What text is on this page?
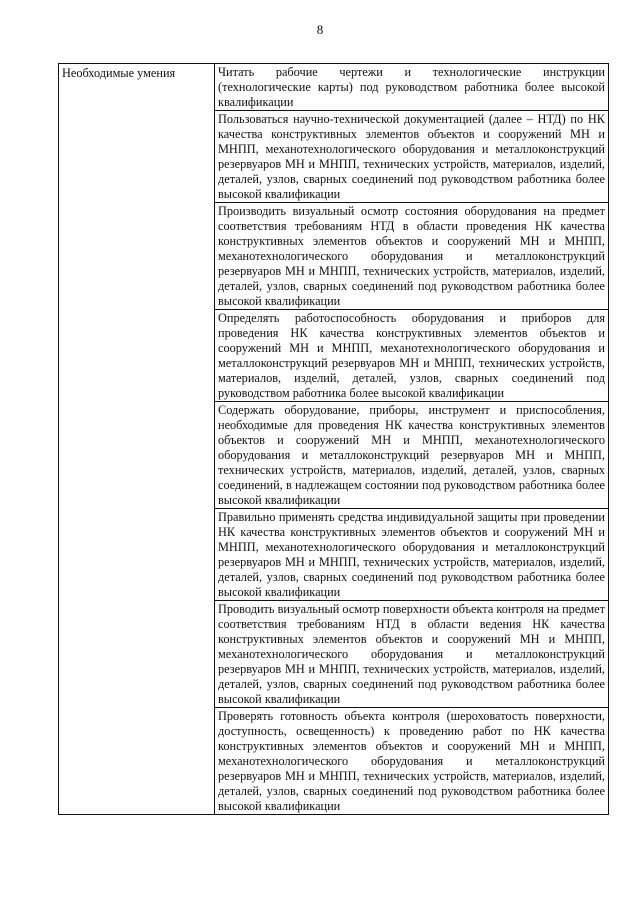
8
Необходимые умения	Читать рабочие чертежи и технологические инструкции (технологические карты) под руководством работника более высокой квалификации
Пользоваться научно-технической документацией (далее – НТД) по НК качества конструктивных элементов объектов и сооружений МН и МНПП, механотехнологического оборудования и металлоконструкций резервуаров МН и МНПП, технических устройств, материалов, изделий, деталей, узлов, сварных соединений под руководством работника более высокой квалификации
Производить визуальный осмотр состояния оборудования на предмет соответствия требованиям НТД в области проведения НК качества конструктивных элементов объектов и сооружений МН и МНПП, механотехнологического оборудования и металлоконструкций резервуаров МН и МНПП, технических устройств, материалов, изделий, деталей, узлов, сварных соединений под руководством работника более высокой квалификации
Определять работоспособность оборудования и приборов для проведения НК качества конструктивных элементов объектов и сооружений МН и МНПП, механотехнологического оборудования и металлоконструкций резервуаров МН и МНПП, технических устройств, материалов, изделий, деталей, узлов, сварных соединений под руководством работника более высокой квалификации
Содержать оборудование, приборы, инструмент и приспособления, необходимые для проведения НК качества конструктивных элементов объектов и сооружений МН и МНПП, механотехнологического оборудования и металлоконструкций резервуаров МН и МНПП, технических устройств, материалов, изделий, деталей, узлов, сварных соединений, в надлежащем состоянии под руководством работника более высокой квалификации
Правильно применять средства индивидуальной защиты при проведении НК качества конструктивных элементов объектов и сооружений МН и МНПП, механотехнологического оборудования и металлоконструкций резервуаров МН и МНПП, технических устройств, материалов, изделий, деталей, узлов, сварных соединений под руководством работника более высокой квалификации
Проводить визуальный осмотр поверхности объекта контроля на предмет соответствия требованиям НТД в области ведения НК качества конструктивных элементов объектов и сооружений МН и МНПП, механотехнологического оборудования и металлоконструкций резервуаров МН и МНПП, технических устройств, материалов, изделий, деталей, узлов, сварных соединений под руководством работника более высокой квалификации
Проверять готовность объекта контроля (шероховатость поверхности, доступность, освещенность) к проведению работ по НК качества конструктивных элементов объектов и сооружений МН и МНПП, механотехнологического оборудования и металлоконструкций резервуаров МН и МНПП, технических устройств, материалов, изделий, деталей, узлов, сварных соединений под руководством работника более высокой квалификации
